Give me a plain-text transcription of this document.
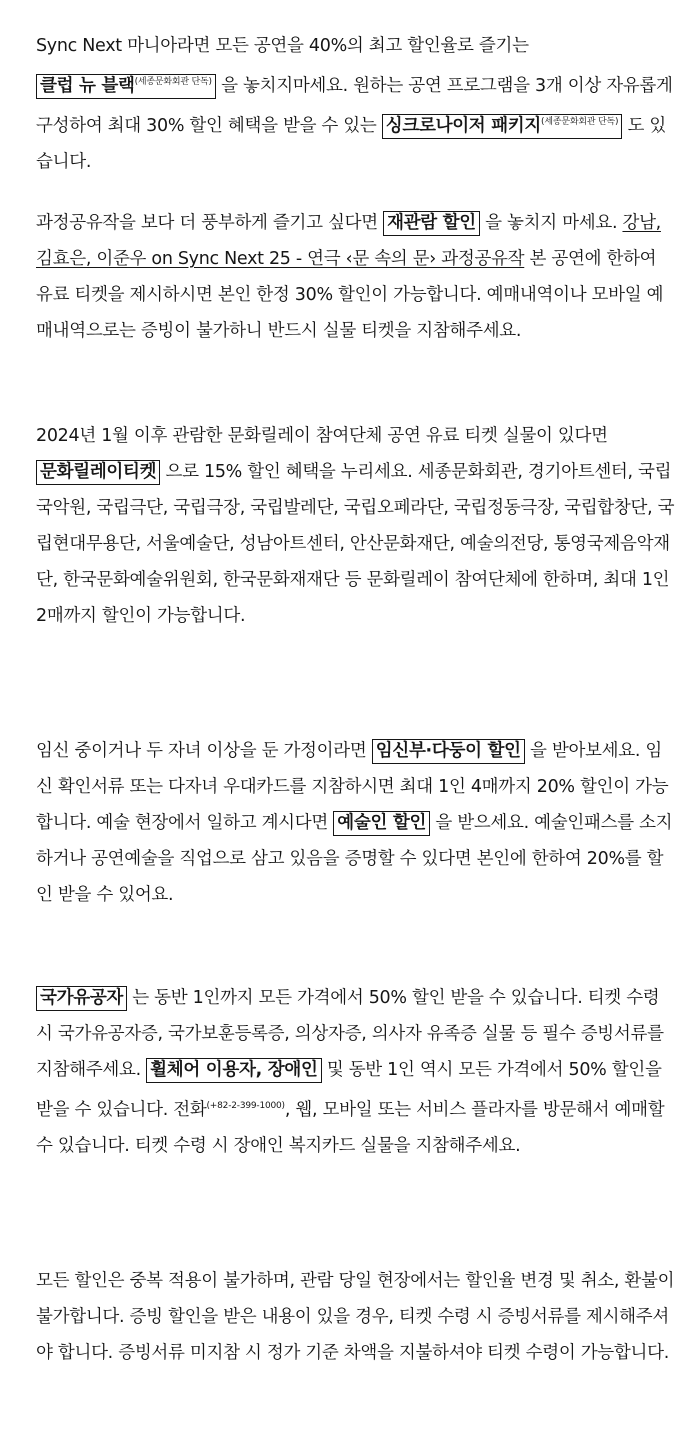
Sync Next 마니아라면 모든 공연을 40%의 최고 할인율로 즐기는 클럽 뉴 블랙$^{(세종문화회관 단독)}$ 을 놓치지마세요. 원하는 공연 프로그램을 3개 이상 자유롭게 구성하여 최대 30% 할인 혜택을 받을 수 있는 싱크로나이저 패키지$^{(세종문화회관 단독)}$ 도 있습니다.

과정공유작을 보다 더 풍부하게 즐기고 싶다면 재관람 할인 을 놓치지 마세요. 강남, 김효은, 이준우 on Sync Next 25 - 연극 ‹문 속의 문› 과정공유작 본 공연에 한하여 유료 티켓을 제시하시면 본인 한정 30% 할인이 가능합니다. 예매내역이나 모바일 예매내역으로는 증빙이 불가하니 반드시 실물 티켓을 지참해주세요.

2024년 1월 이후 관람한 문화릴레이 참여단체 공연 유료 티켓 실물이 있다면 문화릴레이티켓 으로 15% 할인 혜택을 누리세요. 세종문화회관, 경기아트센터, 국립국악원, 국립극단, 국립극장, 국립발레단, 국립오페라단, 국립정동극장, 국립합창단, 국립현대무용단, 서울예술단, 성남아트센터, 안산문화재단, 예술의전당, 통영국제음악재단, 한국문화예술위원회, 한국문화재재단 등 문화릴레이 참여단체에 한하며, 최대 1인 2매까지 할인이 가능합니다.

임신 중이거나 두 자녀 이상을 둔 가정이라면 임신부·다둥이 할인 을 받아보세요. 임신 확인서류 또는 다자녀 우대카드를 지참하시면 최대 1인 4매까지 20% 할인이 가능합니다. 예술 현장에서 일하고 계시다면 예술인 할인 을 받으세요. 예술인패스를 소지하거나 공연예술을 직업으로 삼고 있음을 증명할 수 있다면 본인에 한하여 20%를 할인 받을 수 있어요.

국가유공자 는 동반 1인까지 모든 가격에서 50% 할인 받을 수 있습니다. 티켓 수령 시 국가유공자증, 국가보훈등록증, 의상자증, 의사자 유족증 실물 등 필수 증빙서류를 지참해주세요. 휠체어 이용자, 장애인 및 동반 1인 역시 모든 가격에서 50% 할인을 받을 수 있습니다. 전화$^{(+82-2-399-1000)}$, 웹, 모바일 또는 서비스 플라자를 방문해서 예매할 수 있습니다. 티켓 수령 시 장애인 복지카드 실물을 지참해주세요.

모든 할인은 중복 적용이 불가하며, 관람 당일 현장에서는 할인율 변경 및 취소, 환불이 불가합니다. 증빙 할인을 받은 내용이 있을 경우, 티켓 수령 시 증빙서류를 제시해주셔야 합니다. 증빙서류 미지참 시 정가 기준 차액을 지불하셔야 티켓 수령이 가능합니다.
